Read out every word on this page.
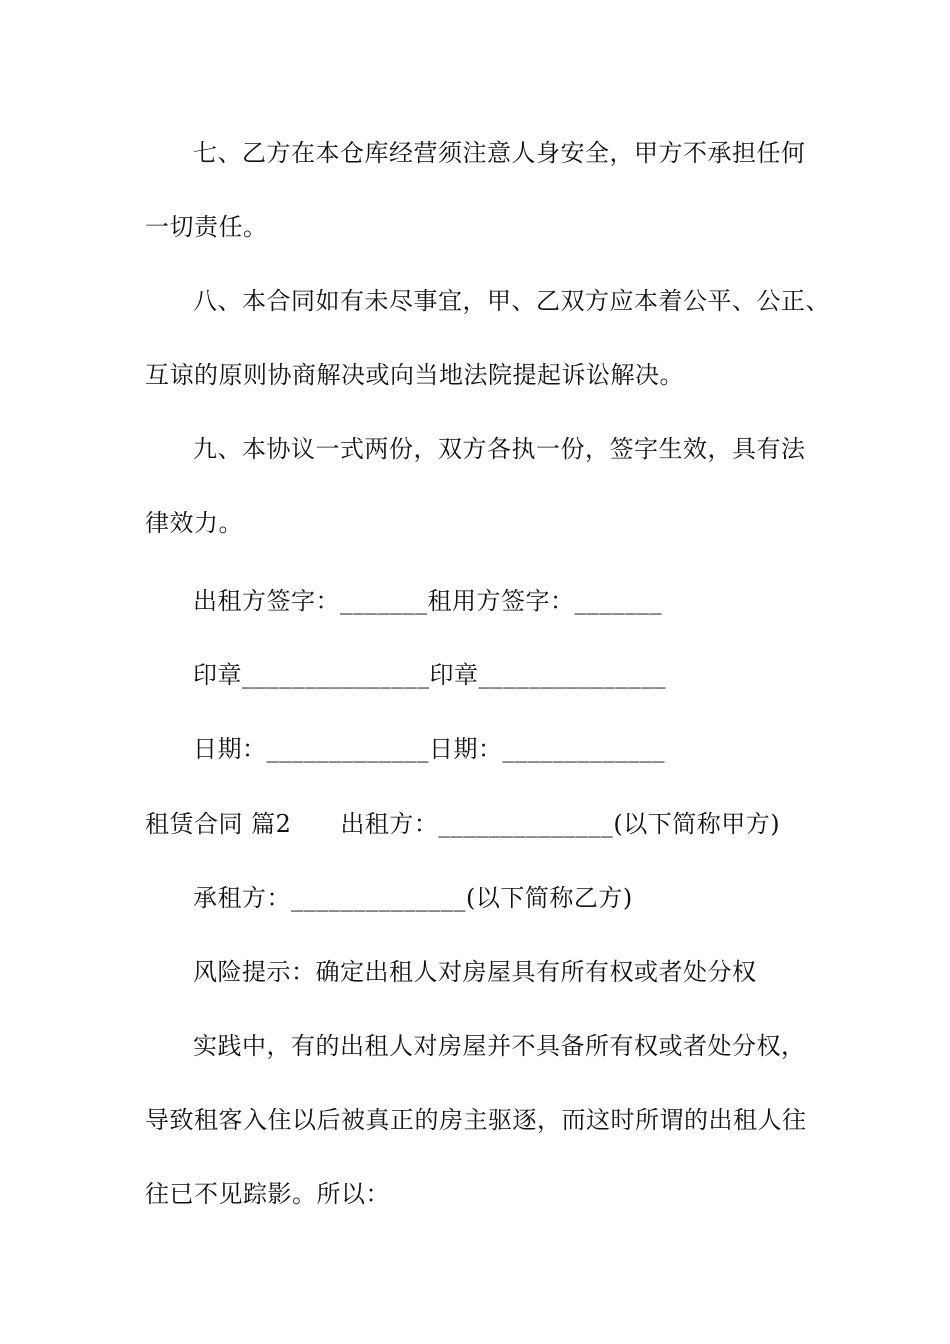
七、乙方在本仓库经营须注意人身安全，甲方不承担任何
一切责任。
八、本合同如有未尽事宜，甲、乙双方应本着公平、公正、
互谅的原则协商解决或向当地法院提起诉讼解决。
九、本协议一式两份，双方各执一份，签字生效，具有法
律效力。
出租方签字：_______租用方签字：_______
印章_______________印章_______________
日期：_____________日期：_____________
租赁合同 篇2　　出租方：______________(以下简称甲方)
承租方：______________(以下简称乙方)
风险提示：确定出租人对房屋具有所有权或者处分权
实践中，有的出租人对房屋并不具备所有权或者处分权，
导致租客入住以后被真正的房主驱逐，而这时所谓的出租人往
往已不见踪影。所以：
